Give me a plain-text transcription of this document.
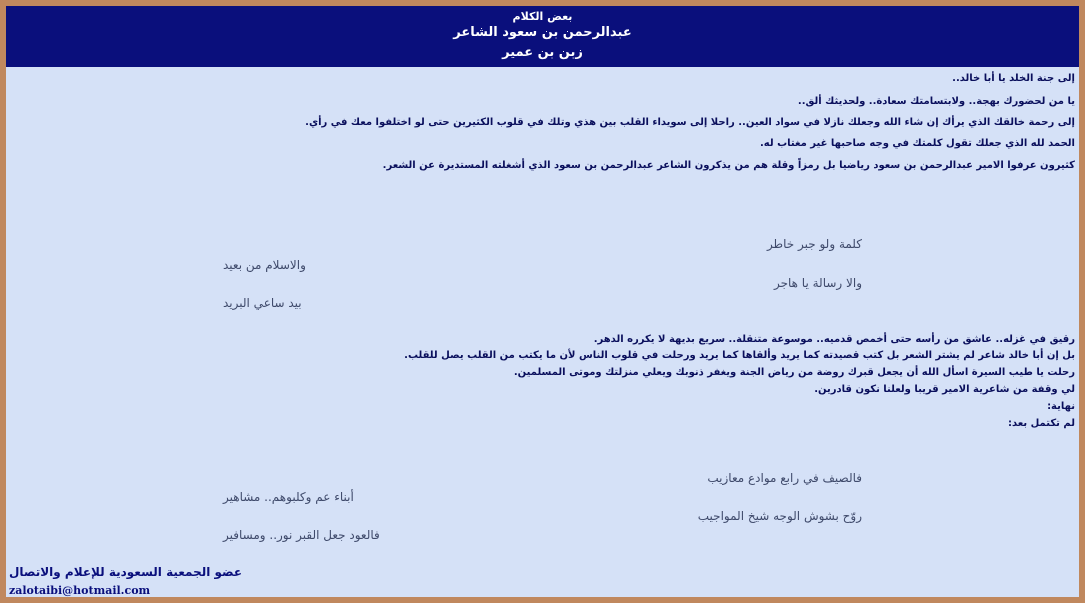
بعض الكلام
عبدالرحمن بن سعود الشاعر
زبن بن عمير
إلى جنة الخلد يا أبا خالد..
يا من لحضورك بهجة.. ولابتسامتك سعادة.. ولحديثك ألق..
إلى رحمة خالقك الذي يرأك إن شاء الله وجعلك نازلا في سواد العين.. راحلا إلى سويداء القلب بين هذي وتلك في قلوب الكثيرين حتى لو اختلفوا معك في رأي.
الحمد لله الذي جعلك تقول كلمتك في وجه صاحبها غير مغتاب له.
كثيرون عرفوا الامير عبدالرحمن بن سعود رياضيا بل رمزاً وقلة هم من يذكرون الشاعر عبدالرحمن بن سعود الذي أشغلته المستديرة عن الشعر.
كلمة ولو جبر خاطر
والاسلام من بعيد
والا رسالة يا هاجر
بيد ساعي البريد
رقيق في غزله.. عاشق من رأسه حتى أخمص قدميه.. موسوعة متنقلة.. سريع بديهة لا يكرره الدهر.
بل إن أبا خالد شاعر لم يشتر الشعر بل كتب قصيدته كما يريد وألقاها كما يريد ورحلت في قلوب الناس لأن ما يكتب من القلب يصل للقلب.
رحلت يا طيب السيرة اسأل الله أن يجعل قبرك روضة من رياض الجنة ويغفر ذنوبك ويعلي منزلتك وموتى المسلمين.
لي وقفة من شاعرية الامير قريبا ولعلنا نكون قادرين.
نهاية:
لم تكتمل بعد:
فالصيف في رابع موادع معازيب
أبناء عم وكلبوهم.. مشاهير
روّح بشوش الوجه شيخ المواجيب
فالعود جعل القبر نور.. ومسافير
عضو الجمعية السعودية للإعلام والاتصال
zalotaibi@hotmail.com
